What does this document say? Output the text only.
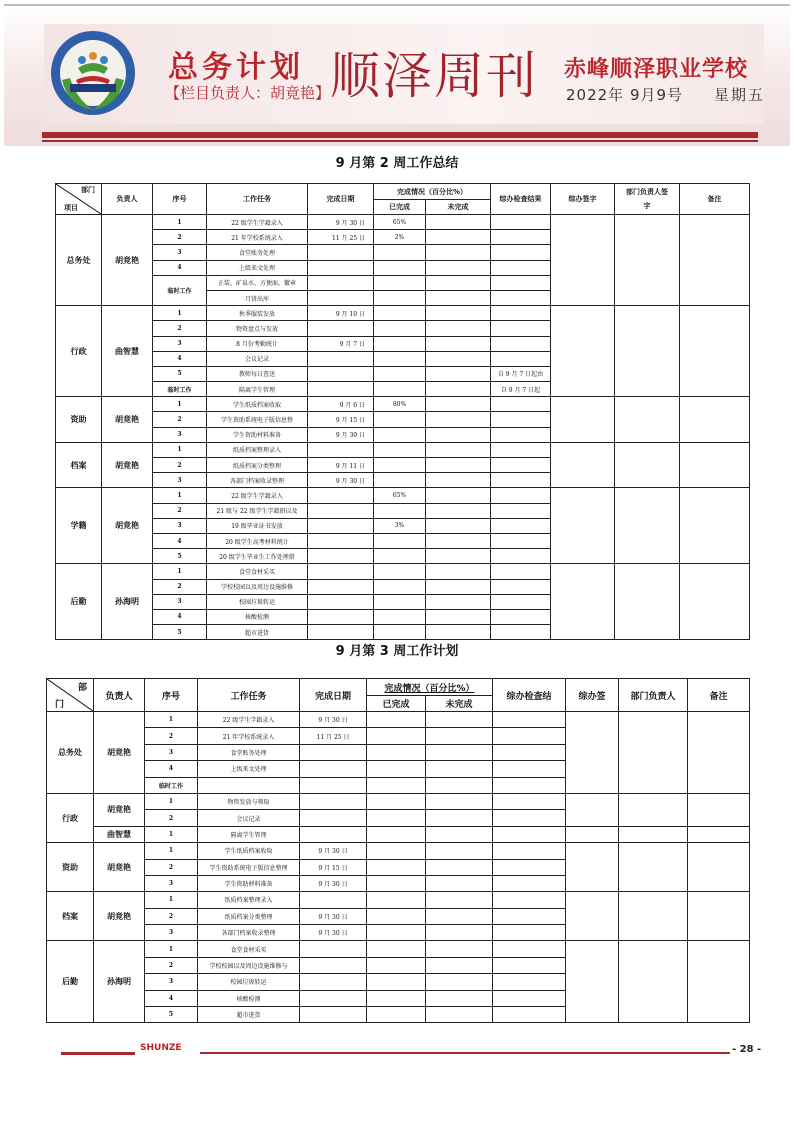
总务计划
【栏目负责人：胡竟艳】 顺泽周刊 赤峰顺泽职业学校
2022年 9月9号 星期五
9 月第 2 周工作总结
部门
项目	负责人	序号	工作任务	完成日期	完成情况（百分比%）		综办检查结果	综办签字	部门负责人签字	备注
					已完成	未完成				
总务处	胡竟艳	1	22 级学生学籍录入	9 月 30 日	65%					
		2	21 年学校系统录入	11 月 25 日	2%					
		3	食堂账务处理							
		4	上级来文处理							
		临时工作	正装、矿泉水、方便面、徽章							
			月饼出库							
行政	曲智慧	1	秋季服装发放	9 月 10 日						
		2	物资盘点与发放							
		3	8 月份考勤统计	9 月 7 日						
		4	会议记录							
		5	教师每日查送				自 9 月 7 日起由			
		临时工作	隔离学生管理				自 9 月 7 日起			
资助	胡竟艳	1	学生纸质档案收取	9 月 6 日	80%					
		2	学生资助系统电子版信息整	9 月 15 日						
		3	学生资助材料准备	9 月 30 日						
档案	胡竟艳	1	纸质档案整理录入							
		2	纸质档案分类整理	9 月 11 日						
		3	各部门档案收录整理	9 月 30 日						
学籍	胡竟艳	1	22 级学生学籍录入		65%					
		2	21 级与 22 级学生学籍册以及							
		3	19 级毕业证书发放		3%					
		4	20 级学生高考材料统计							
		5	20 级学生毕业生工作处理措							
后勤	孙海明	1	食堂食材采买							
		2	学校校园以及周边设施维修							
		3	校园垃圾转运							
		4	核酸检测							
		5	超市进货							
9 月第 3 周工作计划
部
门	负责人	序号	工作任务	完成日期	完成情况（百分比%）		综办检查结	综办签	部门负责人	备注
					已完成	未完成				
总务处	胡竟艳	1	22 级学生学籍录入	9 月 30 日						
		2	21 年学校系统录入	11 月 25 日						
		3	食堂账务处理							
		4	上级来文处理							
		临时工作								
行政	胡竟艳	1	物资发放与领取							
		2	会议记录							
	曲智慧	1	隔离学生管理							
资助	胡竟艳	1	学生纸质档案收取	9 月 30 日						
		2	学生资助系统电子版信息整理	9 月 15 日						
		3	学生资助材料准备	9 月 30 日						
档案	胡竟艳	1	纸质档案整理录入							
		2	纸质档案分类整理	9 月 30 日						
		3	各部门档案收录整理	9 月 30 日						
后勤	孙海明	1	食堂食材采买							
		2	学校校园以及周边设施维修与							
		3	校园垃圾转运							
		4	核酸检测							
		5	超市进货							
SHUNZE	- 28 -
